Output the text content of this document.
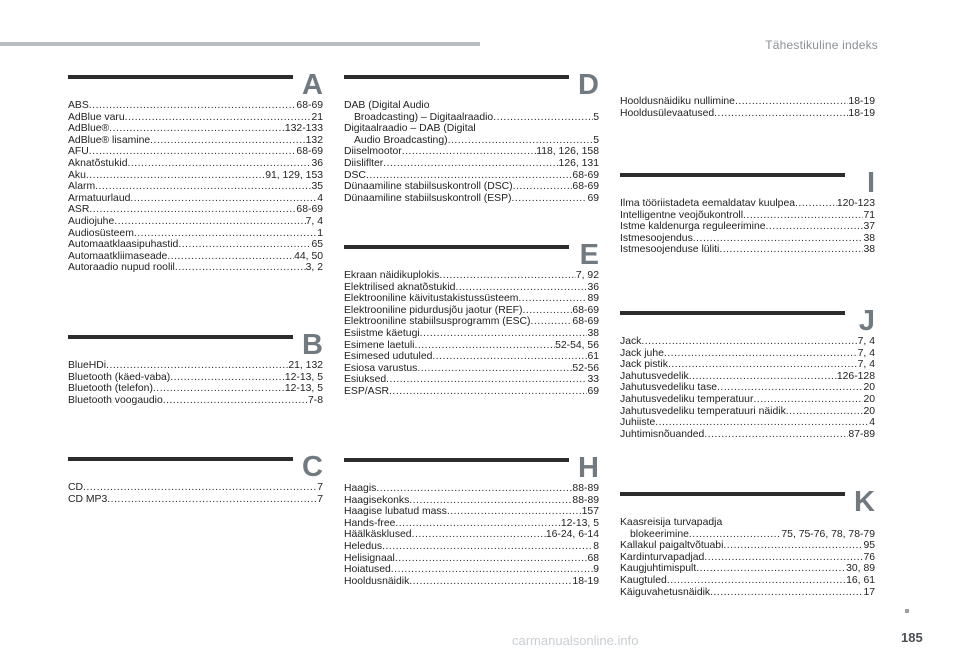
Tähestikuline indeks
A
ABS .....	68-69
AdBlue varu .....	21
AdBlue® .....	132-133
AdBlue® lisamine .....	132
AFU .....	68-69
Aknatõstukid .....	36
Aku .....	91, 129, 153
Alarm .....	35
Armatuurlaud .....	4
ASR .....	68-69
Audiojuhe .....	7, 4
Audiosüsteem .....	1
Automaatklaasipuhastid .....	65
Automaatkliimaseade .....	44, 50
Autoraadio nupud roolil .....	3, 2
B
BlueHDi .....	21, 132
Bluetooth (käed-vaba) .....	12-13, 5
Bluetooth (telefon) .....	12-13, 5
Bluetooth voogaudio .....	7-8
C
CD .....	7
CD MP3 .....	7
D
DAB (Digital Audio
Broadcasting) – Digitaalraadio .....	5
Digitaalraadio – DAB (Digital
Audio Broadcasting) .....	5
Diiselmootor .....	118, 126, 158
Diisliflter .....	126, 131
DSC .....	68-69
Dünaamiline stabiilsuskontroll (DSC) .....	68-69
Dünaamiline stabiilsuskontroll (ESP) .....	69
E
Ekraan näidikuplokis .....	7, 92
Elektrilised aknatõstukid .....	36
Elektrooniline käivitustakistussüsteem .....	89
Elektrooniline pidurdusjõu jaotur (REF) .....	68-69
Elektrooniline stabiilsusprogramm (ESC) .....	68-69
Esiistme käetugi .....	38
Esimene laetuli .....	52-54, 56
Esimesed udutuled .....	61
Esiosa varustus .....	52-56
Esiuksed .....	33
ESP/ASR .....	69
H
Haagis .....	88-89
Haagisekonks .....	88-89
Haagise lubatud mass .....	157
Hands-free .....	12-13, 5
Häälkäsklused .....	16-24, 6-14
Heledus .....	8
Helisignaal .....	68
Hoiatused .....	9
Hooldusnäidik .....	18-19
Hooldusnäidiku nullimine .....	18-19
Hooldusülevaatused .....	18-19
I
Ilma tööriistadeta eemaldatav kuulpea .....	120-123
Intelligentne veojõukontroll .....	71
Istme kaldenurga reguleerimine .....	37
Istmesoojendus .....	38
Istmesoojenduse lüliti .....	38
J
Jack .....	7, 4
Jack juhe .....	7, 4
Jack pistik .....	7, 4
Jahutusvedelik .....	126-128
Jahutusvedeliku tase .....	20
Jahutusvedeliku temperatuur .....	20
Jahutusvedeliku temperatuuri näidik .....	20
Juhiiste .....	4
Juhtimisnõuanded .....	87-89
K
Kaasreisija turvapadja
blokeerimine .....	75, 75-76, 78, 78-79
Kallakul paigaltvõtuabi .....	95
Kardinturvapadjad .....	76
Kaugjuhtimispult .....	30, 89
Kaugtuled .....	16, 61
Käiguvahetusnäidik .....	17
185
carmanualsonline.info
